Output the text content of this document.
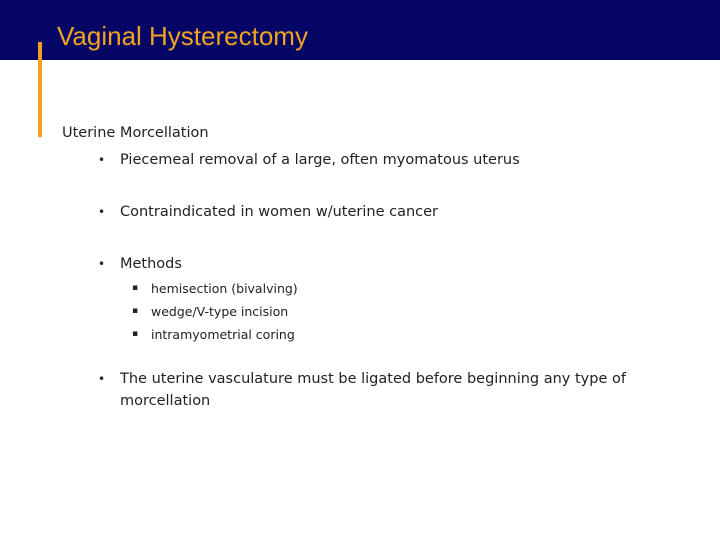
Vaginal Hysterectomy
Uterine Morcellation
• Piecemeal removal of a large, often myomatous uterus
• Contraindicated in women w/uterine cancer
• Methods
▪ hemisection (bivalving)
▪ wedge/V-type incision
▪ intramyometrial coring
• The uterine vasculature must be ligated before beginning any type of morcellation
